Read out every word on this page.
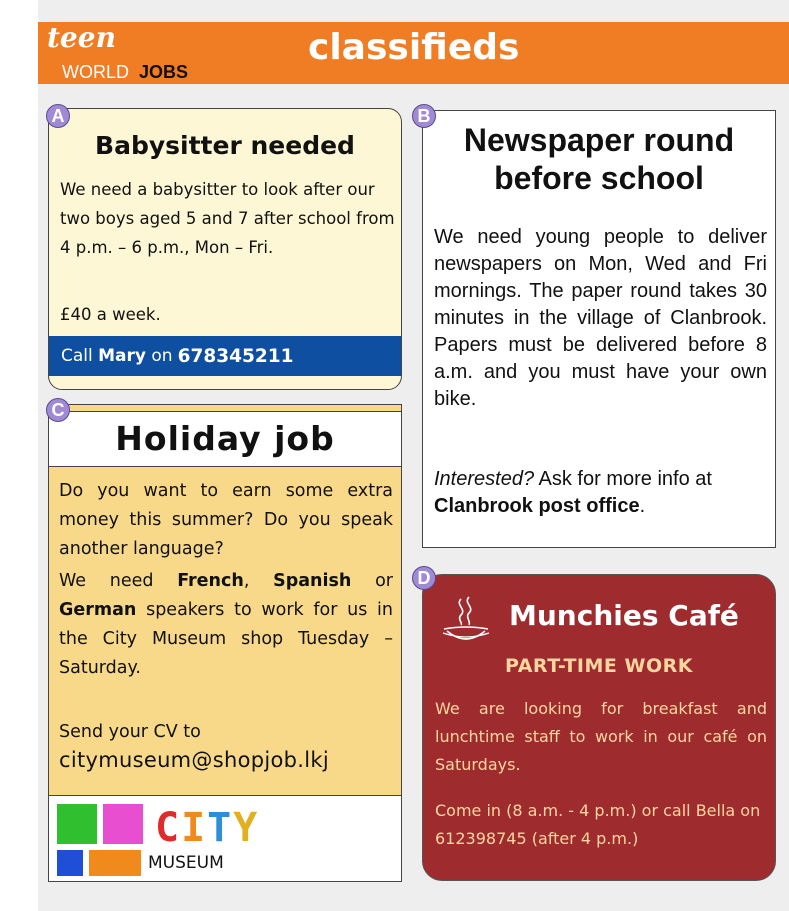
teen
WORLD JOBS
classifieds
Babysitter needed
We need a babysitter to look after our two boys aged 5 and 7 after school from 4 p.m. – 6 p.m., Mon – Fri.
£40 a week.
Call
Mary
on 678345211
A
Newspaper round before school
We need young people to deliver newspapers on Mon, Wed and Fri mornings. The paper round takes 30 minutes in the village of Clanbrook. Papers must be delivered before 8 a.m. and you must have your own bike.
Interested? Ask for more info at Clanbrook post office.
B
Holiday job
Do you want to earn some extra money this summer? Do you speak another language?
We need French, Spanish or German speakers to work for us in the City Museum shop Tuesday – Saturday.
Send your CV to
citymuseum@shopjob.lkj
CITY
MUSEUM
C
Munchies Café
PART-TIME WORK
We are looking for breakfast and lunchtime staff to work in our café on Saturdays.
Come in (8 a.m. - 4 p.m.) or call Bella on 612398745 (after 4 p.m.)
D
